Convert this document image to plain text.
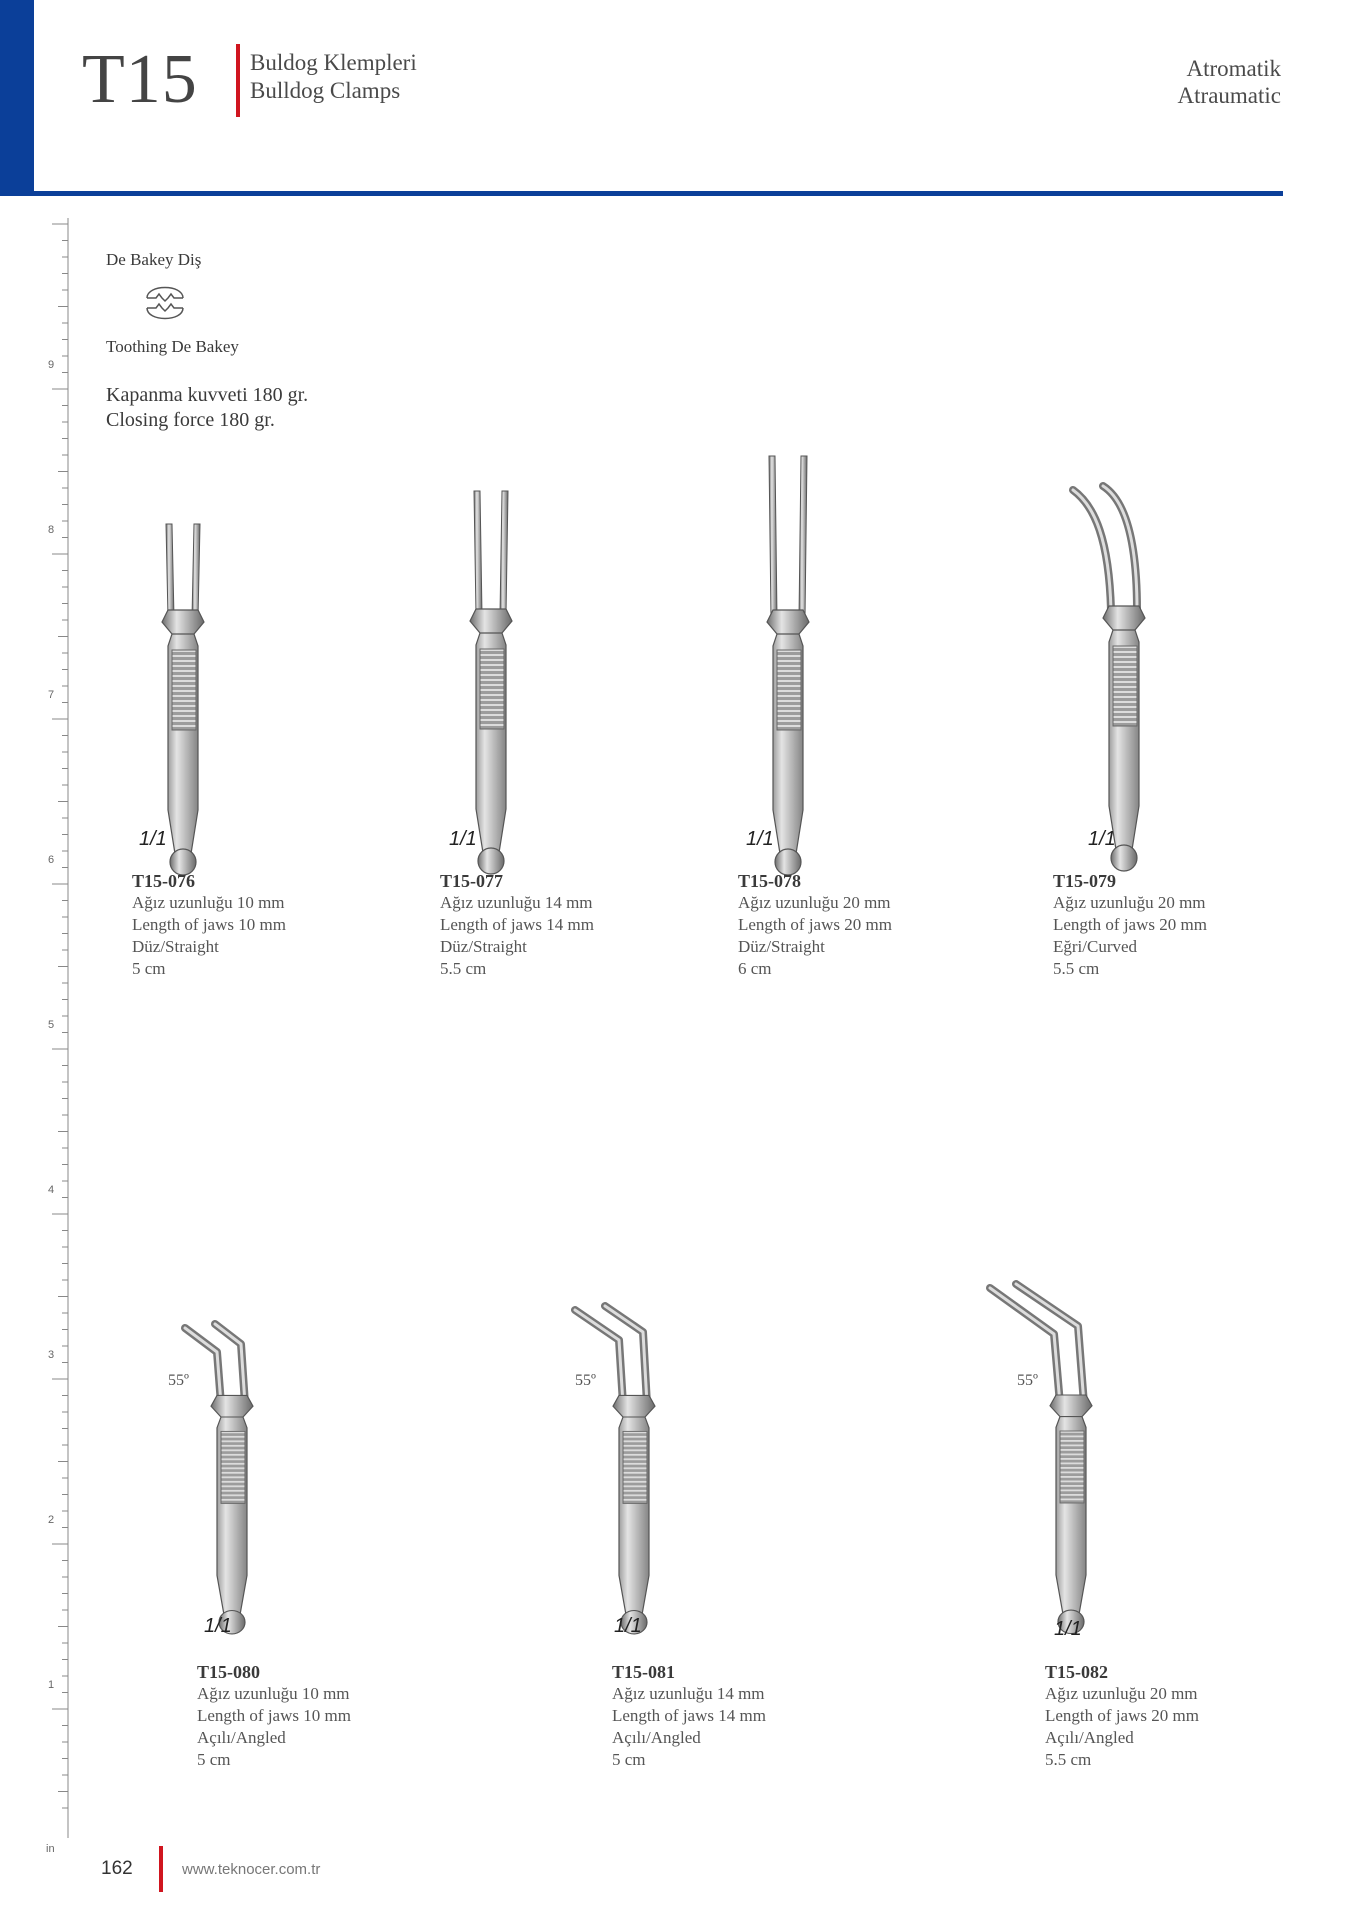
T15 Buldog Klempleri
Bulldog Clamps
Atromatik
Atraumatic
9
8
7
6
5
4
3
2
1
in
De Bakey Diş
Toothing De Bakey
Kapanma kuvveti 180 gr.
Closing force 180 gr.
1/1	1/1	1/1	1/1
T15-076
Ağız uzunluğu 10 mm
Length of jaws 10 mm
Düz/Straight
5 cm
T15-077
Ağız uzunluğu 14 mm
Length of jaws 14 mm
Düz/Straight
5.5 cm
T15-078
Ağız uzunluğu 20 mm
Length of jaws 20 mm
Düz/Straight
6 cm
T15-079
Ağız uzunluğu 20 mm
Length of jaws 20 mm
Eğri/Curved
5.5 cm
55º	55º	55º
1/1	1/1	1/1
T15-080
Ağız uzunluğu 10 mm
Length of jaws 10 mm
Açılı/Angled
5 cm
T15-081
Ağız uzunluğu 14 mm
Length of jaws 14 mm
Açılı/Angled
5 cm
T15-082
Ağız uzunluğu 20 mm
Length of jaws 20 mm
Açılı/Angled
5.5 cm
162	www.teknocer.com.tr
